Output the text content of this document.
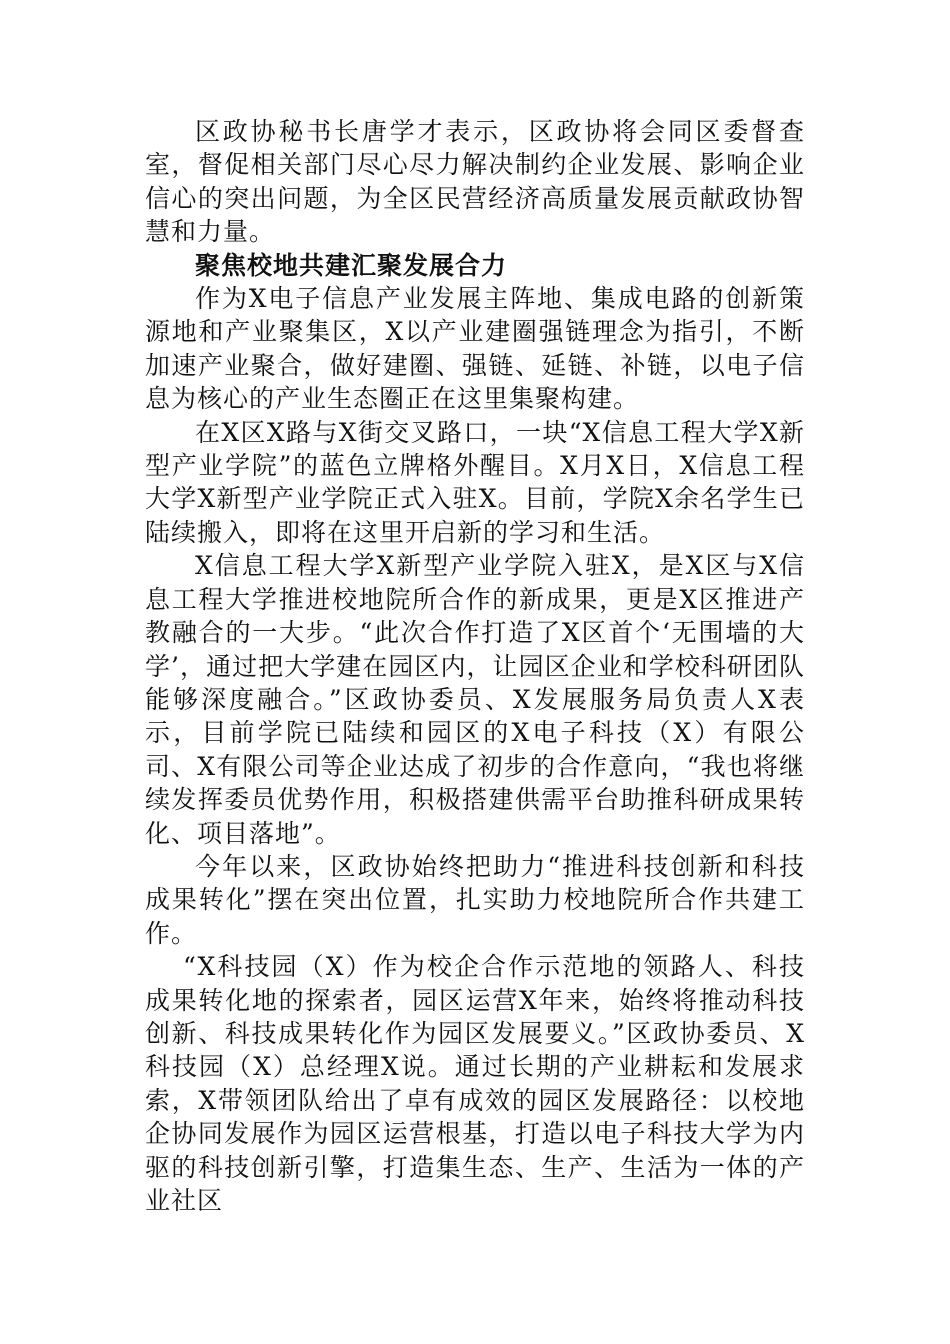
区政协秘书长唐学才表示，区政协将会同区委督查室，督促相关部门尽心尽力解决制约企业发展、影响企业信心的突出问题，为全区民营经济高质量发展贡献政协智慧和力量。

聚焦校地共建汇聚发展合力

作为X电子信息产业发展主阵地、集成电路的创新策源地和产业聚集区，X以产业建圈强链理念为指引，不断加速产业聚合，做好建圈、强链、延链、补链，以电子信息为核心的产业生态圈正在这里集聚构建。

在X区X路与X街交叉路口，一块“X信息工程大学X新型产业学院”的蓝色立牌格外醒目。X月X日，X信息工程大学X新型产业学院正式入驻X。目前，学院X余名学生已陆续搬入，即将在这里开启新的学习和生活。

X信息工程大学X新型产业学院入驻X，是X区与X信息工程大学推进校地院所合作的新成果，更是X区推进产教融合的一大步。“此次合作打造了X区首个‘无围墙的大学’，通过把大学建在园区内，让园区企业和学校科研团队能够深度融合。”区政协委员、X发展服务局负责人X表示，目前学院已陆续和园区的X电子科技（X）有限公司、X有限公司等企业达成了初步的合作意向，“我也将继续发挥委员优势作用，积极搭建供需平台助推科研成果转化、项目落地”。

今年以来，区政协始终把助力“推进科技创新和科技成果转化”摆在突出位置，扎实助力校地院所合作共建工作。

“X科技园（X）作为校企合作示范地的领路人、科技成果转化地的探索者，园区运营X年来，始终将推动科技创新、科技成果转化作为园区发展要义。”区政协委员、X科技园（X）总经理X说。通过长期的产业耕耘和发展求索，X带领团队给出了卓有成效的园区发展路径：以校地企协同发展作为园区运营根基，打造以电子科技大学为内驱的科技创新引擎，打造集生态、生产、生活为一体的产业社区
